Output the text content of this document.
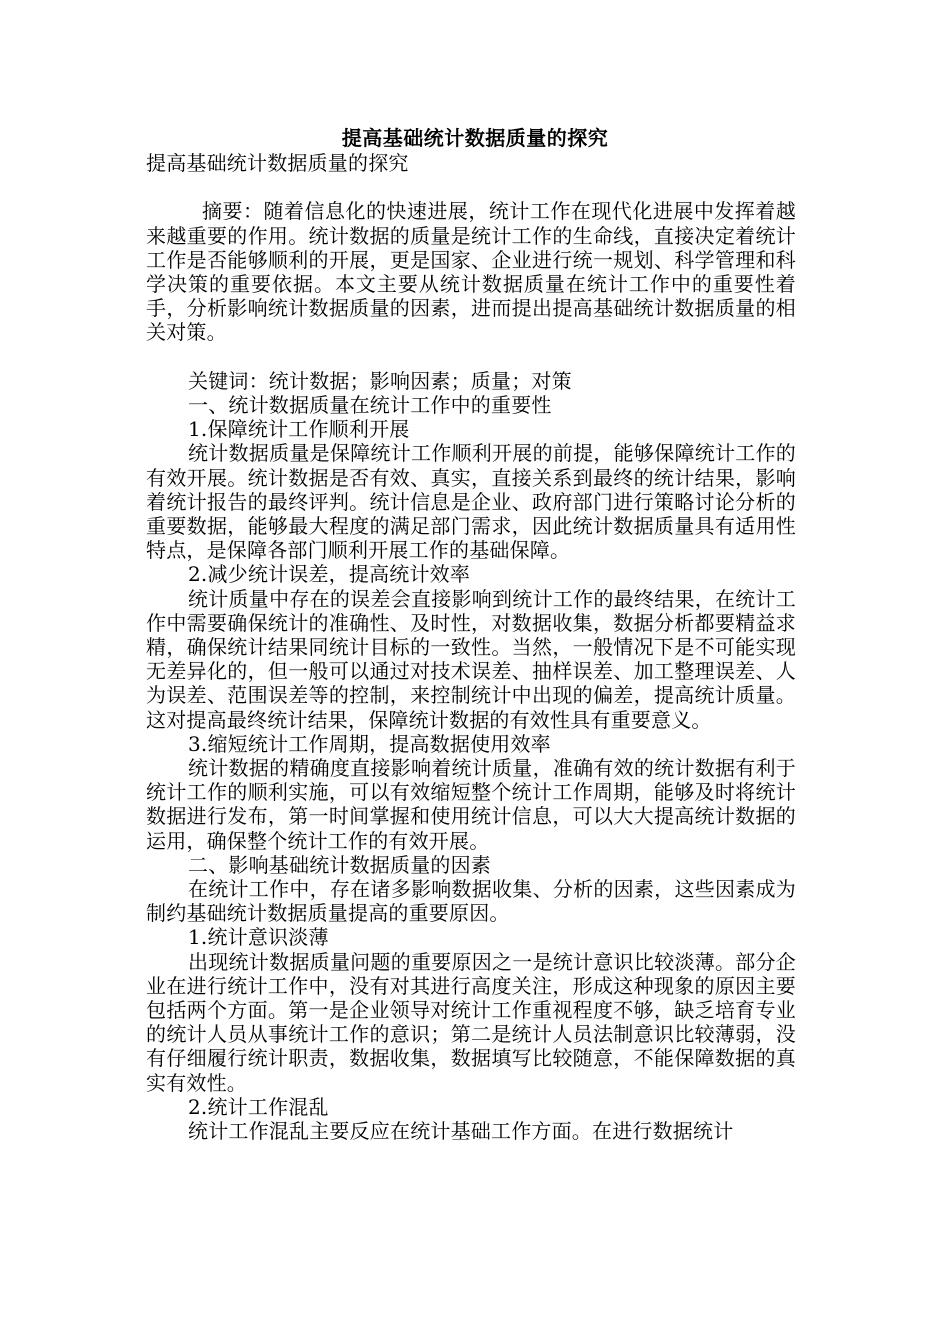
提高基础统计数据质量的探究

提高基础统计数据质量的探究

摘要：随着信息化的快速进展，统计工作在现代化进展中发挥着越来越重要的作用。统计数据的质量是统计工作的生命线，直接决定着统计工作是否能够顺利的开展，更是国家、企业进行统一规划、科学管理和科学决策的重要依据。本文主要从统计数据质量在统计工作中的重要性着手，分析影响统计数据质量的因素，进而提出提高基础统计数据质量的相关对策。

关键词：统计数据；影响因素；质量；对策

一、统计数据质量在统计工作中的重要性

1.保障统计工作顺利开展

统计数据质量是保障统计工作顺利开展的前提，能够保障统计工作的有效开展。统计数据是否有效、真实，直接关系到最终的统计结果，影响着统计报告的最终评判。统计信息是企业、政府部门进行策略讨论分析的重要数据，能够最大程度的满足部门需求，因此统计数据质量具有适用性特点，是保障各部门顺利开展工作的基础保障。

2.减少统计误差，提高统计效率

统计质量中存在的误差会直接影响到统计工作的最终结果，在统计工作中需要确保统计的准确性、及时性，对数据收集，数据分析都要精益求精，确保统计结果同统计目标的一致性。当然，一般情况下是不可能实现无差异化的，但一般可以通过对技术误差、抽样误差、加工整理误差、人为误差、范围误差等的控制，来控制统计中出现的偏差，提高统计质量。这对提高最终统计结果，保障统计数据的有效性具有重要意义。

3.缩短统计工作周期，提高数据使用效率

统计数据的精确度直接影响着统计质量，准确有效的统计数据有利于统计工作的顺利实施，可以有效缩短整个统计工作周期，能够及时将统计数据进行发布，第一时间掌握和使用统计信息，可以大大提高统计数据的运用，确保整个统计工作的有效开展。

二、影响基础统计数据质量的因素

在统计工作中，存在诸多影响数据收集、分析的因素，这些因素成为制约基础统计数据质量提高的重要原因。

1.统计意识淡薄

出现统计数据质量问题的重要原因之一是统计意识比较淡薄。部分企业在进行统计工作中，没有对其进行高度关注，形成这种现象的原因主要包括两个方面。第一是企业领导对统计工作重视程度不够，缺乏培育专业的统计人员从事统计工作的意识；第二是统计人员法制意识比较薄弱，没有仔细履行统计职责，数据收集，数据填写比较随意，不能保障数据的真实有效性。

2.统计工作混乱

统计工作混乱主要反应在统计基础工作方面。在进行数据统计
